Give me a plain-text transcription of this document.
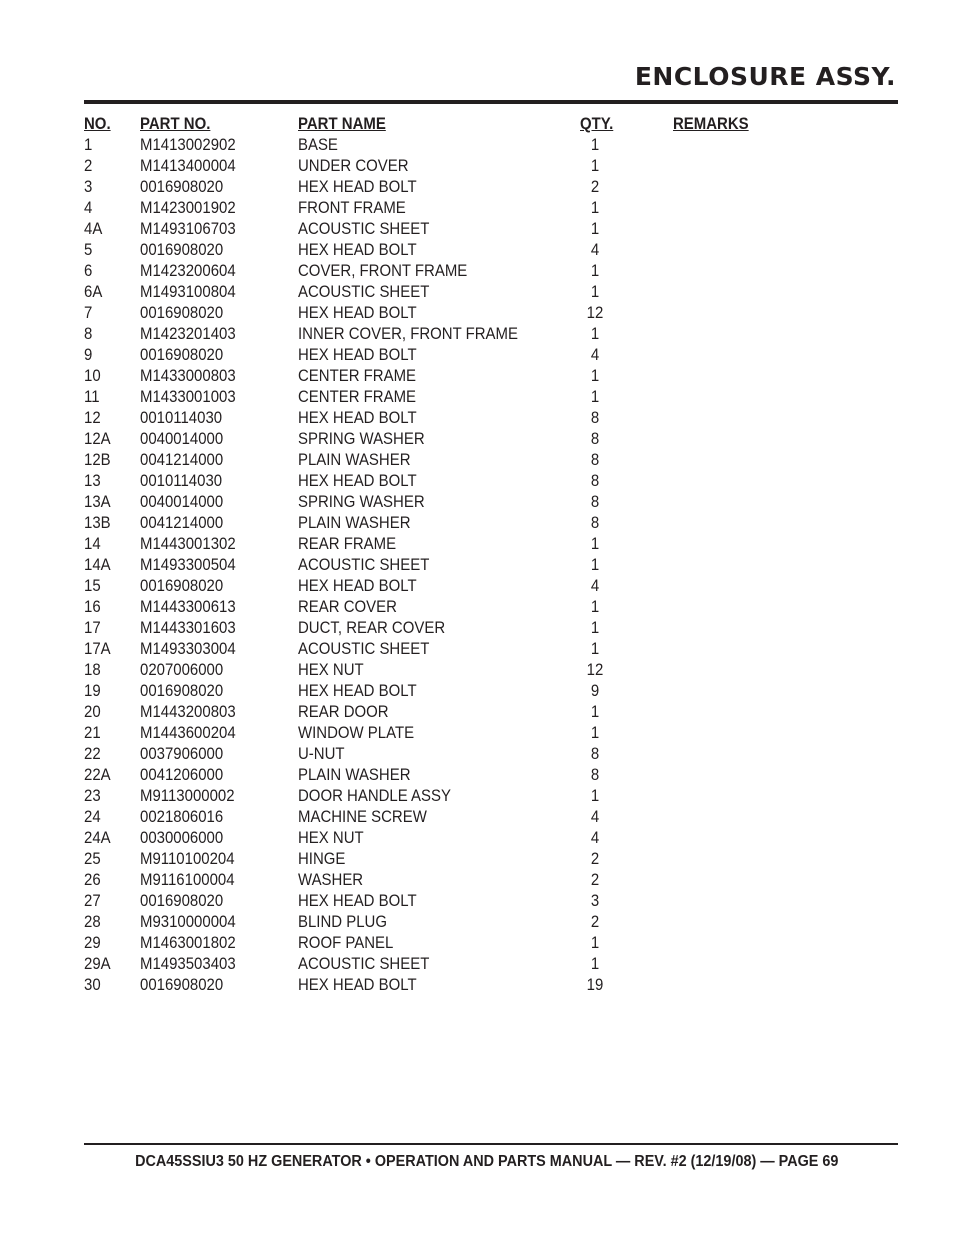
ENCLOSURE ASSY.
NO. PART NO.	PART NAME	QTY.	REMARKS
1	M1413002902	BASE	1
2	M1413400004	UNDER COVER	1
3	0016908020	HEX HEAD BOLT	2
4	M1423001902	FRONT FRAME	1
4A M1493106703	ACOUSTIC SHEET	1
5	0016908020	HEX HEAD BOLT	4
6	M1423200604	COVER, FRONT FRAME	1
6A M1493100804	ACOUSTIC SHEET	1
7	0016908020	HEX HEAD BOLT	12
8	M1423201403	INNER COVER, FRONT FRAME	1
9	0016908020	HEX HEAD BOLT	4
10 M1433000803	CENTER FRAME	1
11 M1433001003	CENTER FRAME	1
12 0010114030	HEX HEAD BOLT	8
12A 0040014000	SPRING WASHER	8
12B 0041214000	PLAIN WASHER	8
13 0010114030	HEX HEAD BOLT	8
13A 0040014000	SPRING WASHER	8
13B 0041214000	PLAIN WASHER	8
14 M1443001302	REAR FRAME	1
14A M1493300504	ACOUSTIC SHEET	1
15 0016908020	HEX HEAD BOLT	4
16 M1443300613	REAR COVER	1
17 M1443301603	DUCT, REAR COVER	1
17A M1493303004	ACOUSTIC SHEET	1
18 0207006000	HEX NUT	12
19 0016908020	HEX HEAD BOLT	9
20 M1443200803	REAR DOOR	1
21 M1443600204	WINDOW PLATE	1
22 0037906000	U-NUT	8
22A 0041206000	PLAIN WASHER	8
23 M9113000002	DOOR HANDLE ASSY	1
24 0021806016	MACHINE SCREW	4
24A 0030006000	HEX NUT	4
25 M9110100204	HINGE	2
26 M9116100004	WASHER	2
27 0016908020	HEX HEAD BOLT	3
28 M9310000004	BLIND PLUG	2
29 M1463001802	ROOF PANEL	1
29A M1493503403	ACOUSTIC SHEET	1
30 0016908020	HEX HEAD BOLT	19
DCA45SSIU3 50 HZ GENERATOR • OPERATION AND PARTS MANUAL — REV. #2 (12/19/08) — PAGE 69
